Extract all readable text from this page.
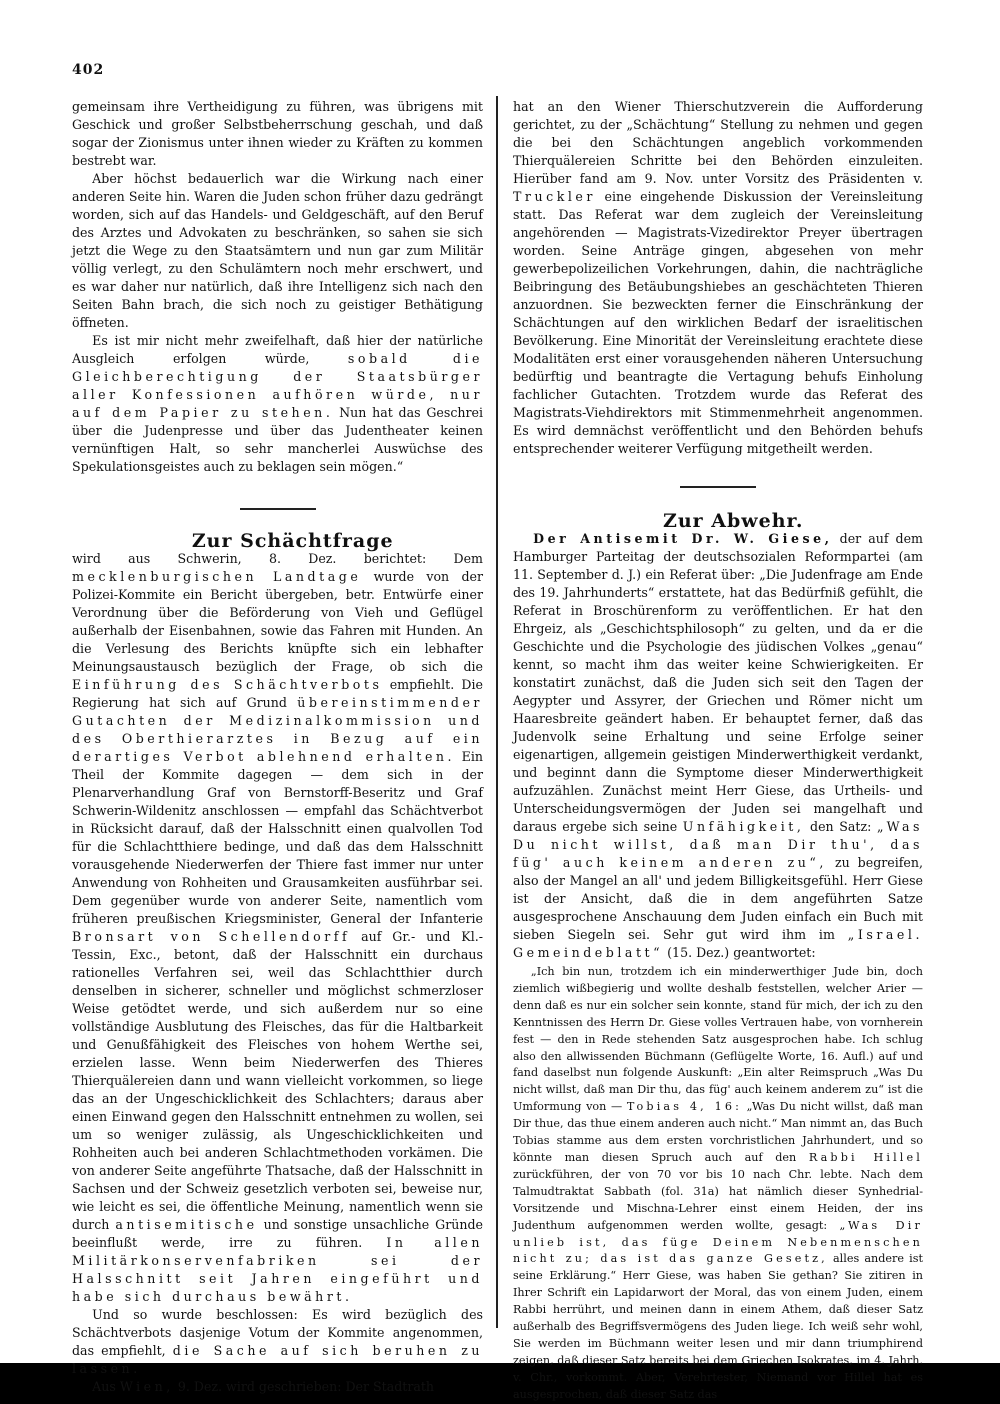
402

gemeinsam ihre Vertheidigung zu führen, was übrigens mit Geschick und großer Selbstbeherrschung geschah, und daß sogar der Zionismus unter ihnen wieder zu Kräften zu kommen bestrebt war.

Aber höchst bedauerlich war die Wirkung nach einer anderen Seite hin. Waren die Juden schon früher dazu gedrängt worden, sich auf das Handels- und Geldgeschäft, auf den Beruf des Arztes und Advokaten zu beschränken, so sahen sie sich jetzt die Wege zu den Staatsämtern und nun gar zum Militär völlig verlegt, zu den Schulämtern noch mehr erschwert, und es war daher nur natürlich, daß ihre Intelligenz sich nach den Seiten Bahn brach, die sich noch zu geistiger Bethätigung öffneten.

Es ist mir nicht mehr zweifelhaft, daß hier der natürliche Ausgleich erfolgen würde,	sobald die Gleichberechtigung der Staatsbürger aller Konfessionen aufhören würde, nur auf dem Papier zu stehen. Nun hat das Geschrei über die Judenpresse und über das Judentheater keinen vernünftigen Halt, so sehr mancherlei Auswüchse des Spekulationsgeistes auch zu beklagen sein mögen.“

Zur Schächtfrage

wird aus Schwerin, 8. Dez. berichtet: Dem mecklenburgischen Landtage wurde von der Polizei-Kommite ein Bericht übergeben, betr. Entwürfe einer Verordnung über die Beförderung von Vieh und Geflügel außerhalb der Eisenbahnen, sowie das Fahren mit Hunden. An die Verlesung des Berichts knüpfte sich ein lebhafter Meinungsaustausch bezüglich der Frage, ob sich die Einführung des Schächtverbots empfiehlt. Die Regierung hat sich auf Grund übereinstimmender Gutachten der Medizinalkommission und des Oberthierarztes in Bezug auf ein derartiges Verbot ablehnend erhalten. Ein Theil der Kommite dagegen — dem sich in der Plenarverhandlung Graf von Bernstorff-Beseritz und Graf Schwerin-Wildenitz anschlossen — empfahl das Schächtverbot in Rücksicht darauf, daß der Halsschnitt einen qualvollen Tod für die Schlachtthiere bedinge, und daß das dem Halsschnitt vorausgehende Niederwerfen der Thiere fast immer nur unter Anwendung von Rohheiten und Grausamkeiten ausführbar sei. Dem gegenüber wurde von anderer Seite, namentlich vom früheren preußischen Kriegsminister, General der Infanterie Bronsart von Schellendorff auf Gr.- und Kl.-Tessin, Exc., betont, daß der Halsschnitt ein durchaus rationelles Verfahren sei, weil das Schlachtthier durch denselben in sicherer, schneller und möglichst schmerzloser Weise getödtet werde, und sich außerdem nur so eine vollständige Ausblutung des Fleisches, das für die Haltbarkeit und Genußfähigkeit des Fleisches von hohem Werthe sei, erzielen lasse. Wenn beim Niederwerfen des Thieres Thierquälereien dann und wann vielleicht vorkommen, so liege das an der Ungeschicklichkeit des Schlachters; daraus aber einen Einwand gegen den Halsschnitt entnehmen zu wollen, sei um so weniger zulässig, als Ungeschicklichkeiten und Rohheiten auch bei anderen Schlachtmethoden vorkämen. Die von anderer Seite angeführte Thatsache, daß der Halsschnitt in Sachsen und der Schweiz gesetzlich verboten sei, beweise nur, wie leicht es sei, die öffentliche Meinung, namentlich wenn sie durch antisemitische und sonstige unsachliche Gründe beeinflußt werde, irre zu führen. In allen Militärkonservenfabriken sei der Halsschnitt seit Jahren eingeführt und habe sich durchaus bewährt.

Und so wurde beschlossen: Es wird bezüglich des Schächtverbots dasjenige Votum der Kommite angenommen, das empfiehlt, die Sache auf sich beruhen zu lassen.

Aus Wien, 9. Dez. wird geschrieben: Der Stadtrath

hat an den Wiener Thierschutzverein die Aufforderung gerichtet, zu der „Schächtung“ Stellung zu nehmen und gegen die bei den Schächtungen angeblich vorkommenden Thierquälereien Schritte bei den Behörden einzuleiten. Hierüber fand am 9. Nov. unter Vorsitz des Präsidenten v. Truckler eine eingehende Diskussion der Vereinsleitung statt. Das Referat war dem zugleich der Vereinsleitung angehörenden — Magistrats-Vizedirektor Preyer übertragen worden. Seine Anträge gingen, abgesehen von mehr gewerbepolizeilichen Vorkehrungen, dahin, die nachträgliche Beibringung des Betäubungshiebes an geschächteten Thieren anzuordnen. Sie bezweckten ferner die Einschränkung der Schächtungen auf den wirklichen Bedarf der israelitischen Bevölkerung. Eine Minorität der Vereinsleitung erachtete diese Modalitäten erst einer vorausgehenden näheren Untersuchung bedürftig und beantragte die Vertagung behufs Einholung fachlicher Gutachten. Trotzdem wurde das Referat des Magistrats-Viehdirektors mit Stimmenmehrheit angenommen. Es wird demnächst veröffentlicht und den Behörden behufs entsprechender weiterer Verfügung mitgetheilt werden.

Zur Abwehr.

Der Antisemit Dr. W. Giese, der auf dem Hamburger Parteitag der deutschsozialen Reformpartei (am 11. September d. J.) ein Referat über: „Die Judenfrage am Ende des 19. Jahrhunderts“ erstattete, hat das Bedürfniß gefühlt, die Referat in Broschürenform zu veröffentlichen. Er hat den Ehrgeiz, als „Geschichtsphilosoph“ zu gelten, und da er die Geschichte und die Psychologie des jüdischen Volkes „genau“ kennt, so macht ihm das weiter keine Schwierigkeiten. Er konstatirt zunächst, daß die Juden sich seit den Tagen der Aegypter und Assyrer, der Griechen und Römer nicht um Haaresbreite geändert haben. Er behauptet ferner, daß das Judenvolk seine Erhaltung und seine Erfolge seiner eigenartigen, allgemein geistigen Minderwerthigkeit verdankt, und beginnt dann die Symptome dieser Minderwerthigkeit aufzuzählen. Zunächst meint Herr Giese, das Urtheils- und Unterscheidungsvermögen der Juden sei mangelhaft und daraus ergebe sich seine Unfähigkeit, den Satz: „Was Du nicht willst, daß man Dir thu', das füg' auch keinem anderen zu“, zu begreifen, also der Mangel an all' und jedem Billigkeitsgefühl. Herr Giese ist der Ansicht, daß die in dem angeführten Satze ausgesprochene Anschauung dem Juden einfach ein Buch mit sieben Siegeln sei. Sehr gut wird ihm im „Israel. Gemeindeblatt“ (15. Dez.) geantwortet:

„Ich bin nun, trotzdem ich ein minderwerthiger Jude bin, doch ziemlich wißbegierig und wollte deshalb feststellen, welcher Arier — denn daß es nur ein solcher sein konnte, stand für mich, der ich zu den Kenntnissen des Herrn Dr. Giese volles Vertrauen habe, von vornherein fest — den in Rede stehenden Satz ausgesprochen habe. Ich schlug also den allwissenden Büchmann (Geflügelte Worte, 16. Aufl.) auf und fand daselbst nun folgende Auskunft: „Ein alter Reimspruch „Was Du nicht willst, daß man Dir thu, das füg' auch keinem anderem zu“ ist die Umformung von — Tobias 4, 16: „Was Du nicht willst, daß man Dir thue, das thue einem anderen auch nicht.“ Man nimmt an, das Buch Tobias stamme aus dem ersten vorchristlichen Jahrhundert, und so könnte man diesen Spruch auch auf den Rabbi Hillel zurückführen, der von 70 vor bis 10 nach Chr. lebte. Nach dem Talmudtraktat Sabbath (fol. 31a) hat nämlich dieser Synhedrial-Vorsitzende und Mischna-Lehrer einst einem Heiden, der ins Judenthum aufgenommen werden wollte, gesagt: „Was Dir unlieb ist, das füge Deinem Nebenmenschen nicht zu; das ist das ganze Gesetz, alles andere ist seine Erklärung.“ Herr Giese, was haben Sie gethan? Sie zitiren in Ihrer Schrift ein Lapidarwort der Moral, das von einem Juden, einem Rabbi herrührt, und meinen dann in einem Athem, daß dieser Satz außerhalb des Begriffsvermögens des Juden liege. Ich weiß sehr wohl, Sie werden im Büchmann weiter lesen und mir dann triumphirend zeigen, daß dieser Satz bereits bei dem Griechen Isokrates, im 4. Jahrh. v. Chr., vorkommt. Aber, Verehrtester, Niemand vor Hillel hat es ausgesprochen, daß dieser Satz das
